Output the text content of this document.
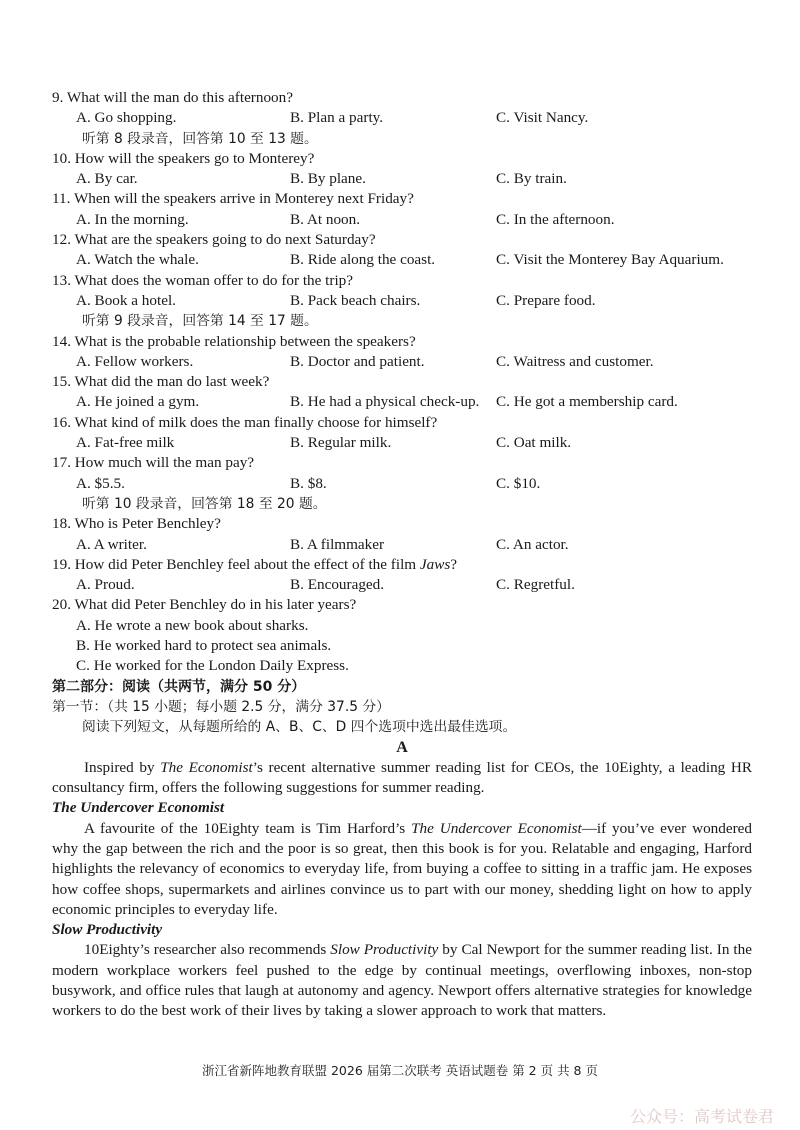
9. What will the man do this afternoon?
A. Go shopping.	B. Plan a party.	C. Visit Nancy.
听第 8 段录音，回答第 10 至 13 题。
10. How will the speakers go to Monterey?
A. By car.	B. By plane.	C. By train.
11. When will the speakers arrive in Monterey next Friday?
A. In the morning.	B. At noon.	C. In the afternoon.
12. What are the speakers going to do next Saturday?
A. Watch the whale.	B. Ride along the coast.	C. Visit the Monterey Bay Aquarium.
13. What does the woman offer to do for the trip?
A. Book a hotel.	B. Pack beach chairs.	C. Prepare food.
听第 9 段录音，回答第 14 至 17 题。
14. What is the probable relationship between the speakers?
A. Fellow workers.	B. Doctor and patient.	C. Waitress and customer.
15. What did the man do last week?
A. He joined a gym.	B. He had a physical check-up. C. He got a membership card.
16. What kind of milk does the man finally choose for himself?
A. Fat-free milk	B. Regular milk.	C. Oat milk.
17. How much will the man pay?
A. $5.5.	B. $8.	C. $10.
听第 10 段录音，回答第 18 至 20 题。
18. Who is Peter Benchley?
A. A writer.	B. A filmmaker	C. An actor.
19. How did Peter Benchley feel about the effect of the film Jaws?
A. Proud.	B. Encouraged.	C. Regretful.
20. What did Peter Benchley do in his later years?
A. He wrote a new book about sharks.
B. He worked hard to protect sea animals.
C. He worked for the London Daily Express.
第二部分：阅读（共两节，满分 50 分）
第一节：（共 15 小题；每小题 2.5 分，满分 37.5 分）
阅读下列短文，从每题所给的 A、B、C、D 四个选项中选出最佳选项。
A

Inspired by The Economist’s recent alternative summer reading list for CEOs, the 10Eighty, a leading HR consultancy firm, offers the following suggestions for summer reading.

The Undercover Economist

A favourite of the 10Eighty team is Tim Harford’s The Undercover Economist—if you’ve ever wondered why the gap between the rich and the poor is so great, then this book is for you. Relatable and engaging, Harford highlights the relevancy of economics to everyday life, from buying a coffee to sitting in a traffic jam. He exposes how coffee shops, supermarkets and airlines convince us to part with our money, shedding light on how to apply economic principles to everyday life.

Slow Productivity

10Eighty’s researcher also recommends Slow Productivity by Cal Newport for the summer reading list. In the modern workplace workers feel pushed to the edge by continual meetings, overflowing inboxes, non-stop busywork, and office rules that laugh at autonomy and agency. Newport offers alternative strategies for knowledge workers to do the best work of their lives by taking a slower approach to work that matters.

浙江省新阵地教育联盟 2026 届第二次联考 英语试题卷 第 2 页 共 8 页
公众号：高考试卷君
